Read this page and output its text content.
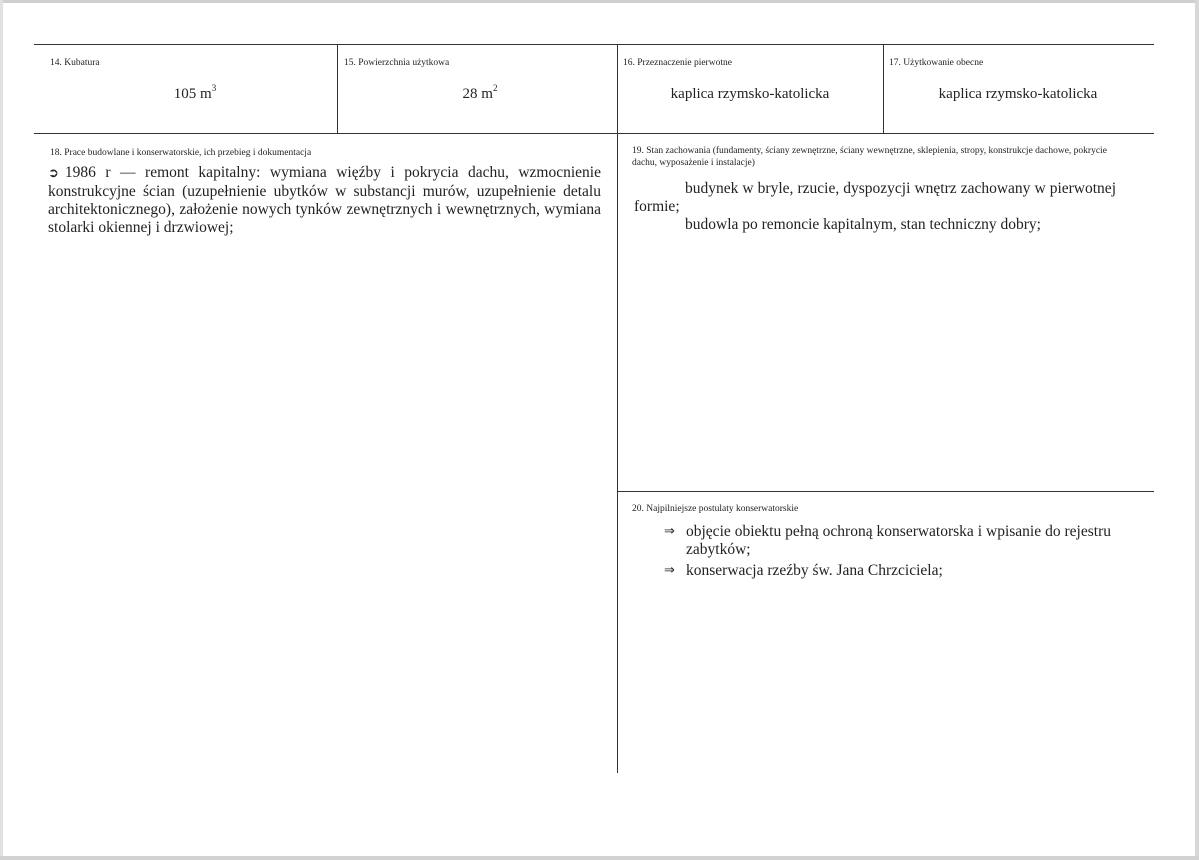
14. Kubatura
105 $m^3$
15. Powierzchnia użytkowa
28 $m^2$
16. Przeznaczenie pierwotne
kaplica rzymsko-katolicka
17. Użytkowanie obecne
kaplica rzymsko-katolicka
18. Prace budowlane i konserwatorskie, ich przebieg i dokumentacja

➲ 1986 r — remont kapitalny: wymiana więźby i pokrycia dachu, wzmocnienie konstrukcyjne ścian (uzupełnienie ubytków w substancji murów, uzupełnienie detalu architektonicznego), założenie nowych tynków zewnętrznych i wewnętrznych, wymiana stolarki okiennej i drzwiowej;

19. Stan zachowania (fundamenty, ściany zewnętrzne, ściany wewnętrzne, sklepienia, stropy, konstrukcje dachowe, pokrycie dachu, wyposażenie i instalacje)

budynek w bryle, rzucie, dyspozycji wnętrz zachowany w pierwotnej formie;

budowla po remoncie kapitalnym, stan techniczny dobry;

20. Najpilniejsze postulaty konserwatorskie
⇒ objęcie obiektu pełną ochroną konserwatorska i wpisanie do rejestru zabytków;
⇒ konserwacja rzeźby św. Jana Chrzciciela;
